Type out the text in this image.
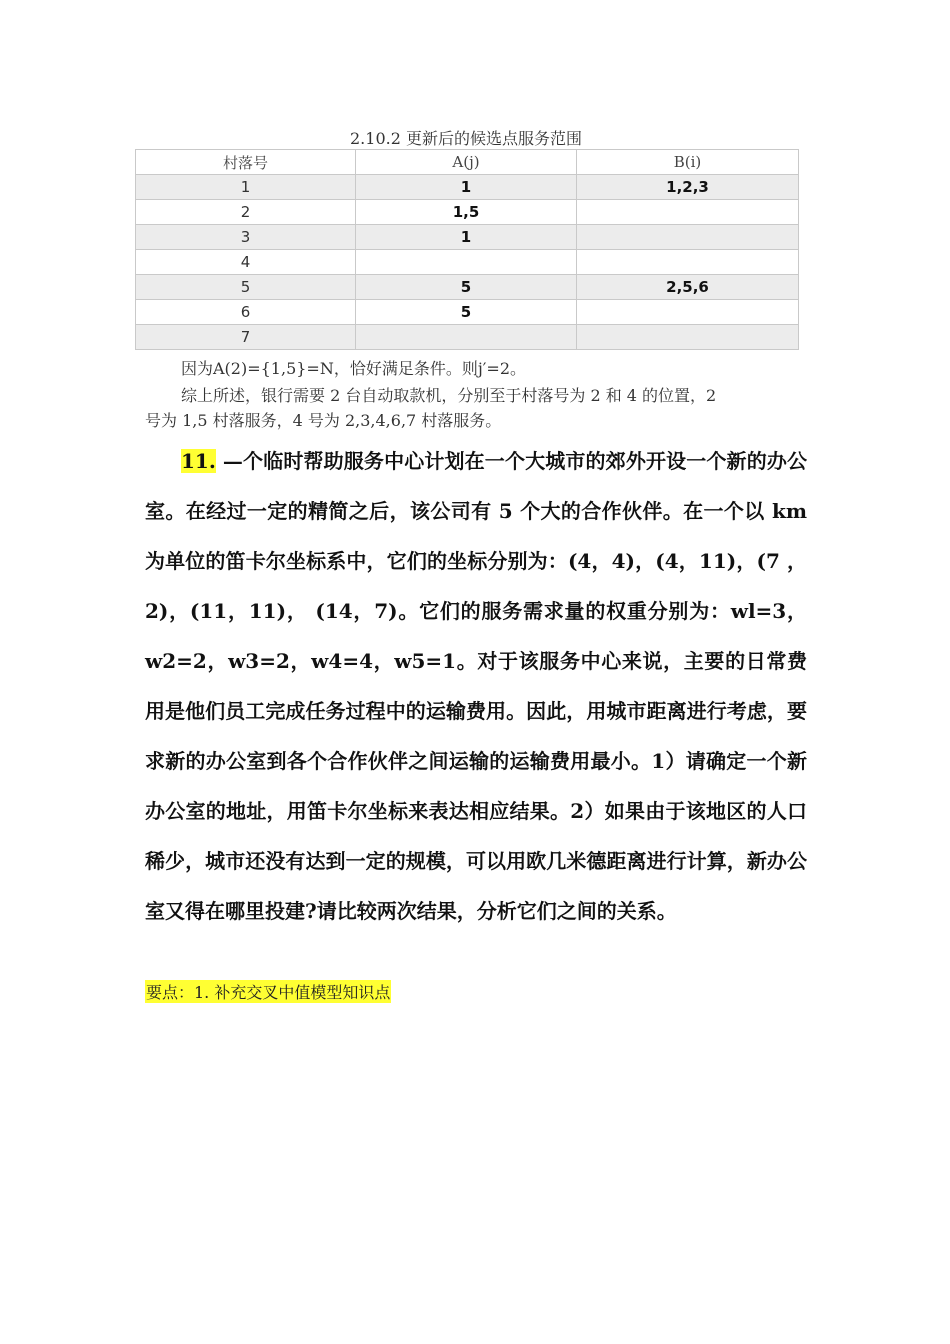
2.10.2 更新后的候选点服务范围
村落号	A(j)	B(i)
1	1	1,2,3
2	1,5	
3	1	
4		
5	5	2,5,6
6	5	
7		
因为A(2)={1,5}=N，恰好满足条件。则j′=2。
综上所述，银行需要 2 台自动取款机，分别至于村落号为 2 和 4 的位置，2
号为 1,5 村落服务，4 号为 2,3,4,6,7 村落服务。
11. —个临时帮助服务中心计划在一个大城市的郊外开设一个新的办公室。在经过一定的精简之后，该公司有 5 个大的合作伙伴。在一个以 km 为单位的笛卡尔坐标系中，它们的坐标分别为：(4，4)，(4，11)，(7 ，2)，(11，11)， (14，7)。它们的服务需求量的权重分别为：wl=3，w2=2，w3=2，w4=4，w5=1。对于该服务中心来说，主要的日常费用是他们员工完成任务过程中的运输费用。因此，用城市距离进行考虑，要求新的办公室到各个合作伙伴之间运输的运输费用最小。1）请确定一个新办公室的地址，用笛卡尔坐标来表达相应结果。2）如果由于该地区的人口稀少，城市还没有达到一定的规模，可以用欧几米德距离进行计算，新办公室又得在哪里投建?请比较两次结果，分析它们之间的关系。
要点：1. 补充交叉中值模型知识点
